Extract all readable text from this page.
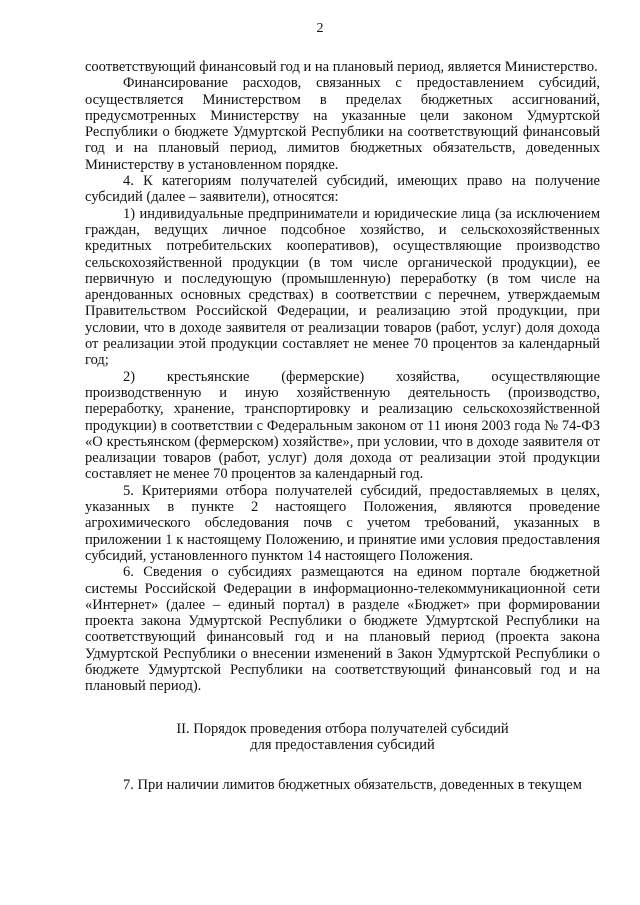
2

соответствующий финансовый год и на плановый период, является Министерство.

Финансирование расходов, связанных с предоставлением субсидий, осуществляется Министерством в пределах бюджетных ассигнований, предусмотренных Министерству на указанные цели законом Удмуртской Республики о бюджете Удмуртской Республики на соответствующий финансовый год и на плановый период, лимитов бюджетных обязательств, доведенных Министерству в установленном порядке.

4. К категориям получателей субсидий, имеющих право на получение субсидий (далее – заявители), относятся:

1) индивидуальные предприниматели и юридические лица (за исключением граждан, ведущих личное подсобное хозяйство, и сельскохозяйственных кредитных потребительских кооперативов), осуществляющие производство сельскохозяйственной продукции (в том числе органической продукции), ее первичную и последующую (промышленную) переработку (в том числе на арендованных основных средствах) в соответствии с перечнем, утверждаемым Правительством Российской Федерации, и реализацию этой продукции, при условии, что в доходе заявителя от реализации товаров (работ, услуг) доля дохода от реализации этой продукции составляет не менее 70 процентов за календарный год;

2) крестьянские (фермерские) хозяйства, осуществляющие производственную и иную хозяйственную деятельность (производство, переработку, хранение, транспортировку и реализацию сельскохозяйственной продукции) в соответствии с Федеральным законом от 11 июня 2003 года № 74-ФЗ «О крестьянском (фермерском) хозяйстве», при условии, что в доходе заявителя от реализации товаров (работ, услуг) доля дохода от реализации этой продукции составляет не менее 70 процентов за календарный год.

5. Критериями отбора получателей субсидий, предоставляемых в целях, указанных в пункте 2 настоящего Положения, являются проведение агрохимического обследования почв с учетом требований, указанных в приложении 1 к настоящему Положению, и принятие ими условия предоставления субсидий, установленного пунктом 14 настоящего Положения.

6. Сведения о субсидиях размещаются на едином портале бюджетной системы Российской Федерации в информационно-телекоммуникационной сети «Интернет» (далее – единый портал) в разделе «Бюджет» при формировании проекта закона Удмуртской Республики о бюджете Удмуртской Республики на соответствующий финансовый год и на плановый период (проекта закона Удмуртской Республики о внесении изменений в Закон Удмуртской Республики о бюджете Удмуртской Республики на соответствующий финансовый год и на плановый период).

II. Порядок проведения отбора получателей субсидий
для предоставления субсидий

7. При наличии лимитов бюджетных обязательств, доведенных в текущем
